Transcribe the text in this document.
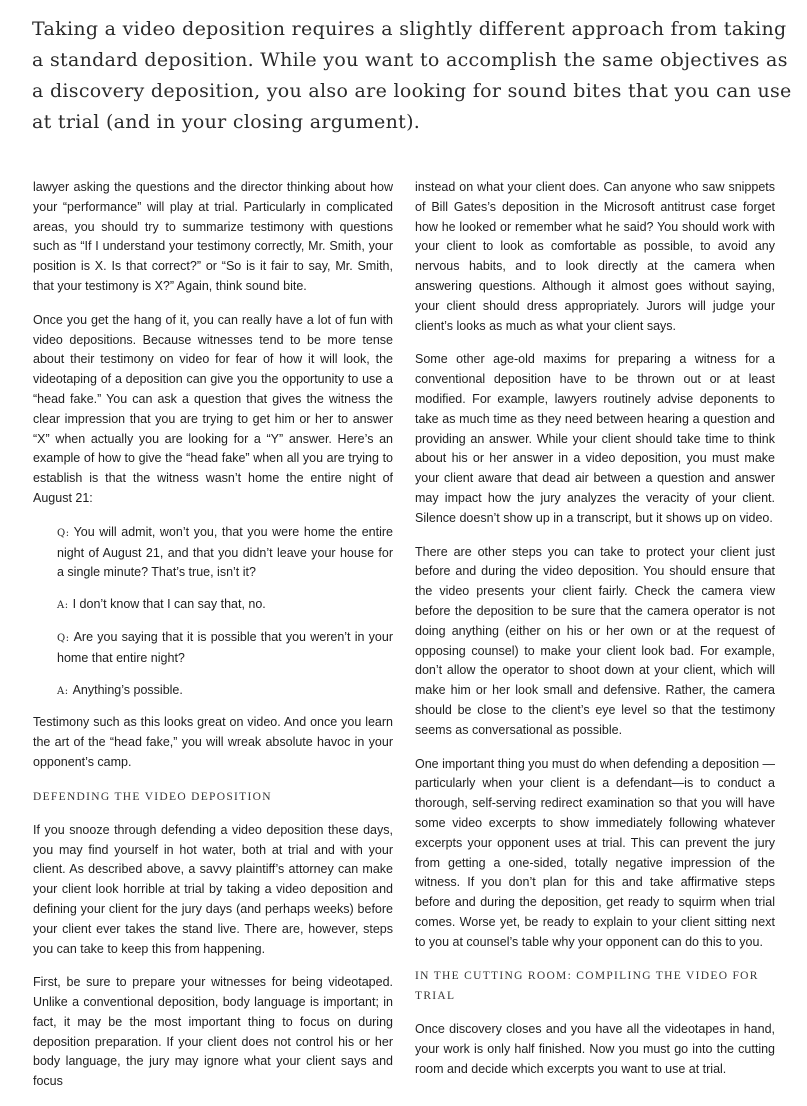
Taking a video deposition requires a slightly different approach from taking a standard deposition. While you want to accomplish the same objectives as a discovery deposition, you also are looking for sound bites that you can use at trial (and in your closing argument).

lawyer asking the questions and the director thinking about how your “performance” will play at trial. Particularly in complicated areas, you should try to summarize testimony with questions such as “If I understand your testimony correctly, Mr. Smith, your position is X. Is that correct?” or “So is it fair to say, Mr. Smith, that your testimony is X?” Again, think sound bite.

Once you get the hang of it, you can really have a lot of fun with video depositions. Because witnesses tend to be more tense about their testimony on video for fear of how it will look, the videotaping of a deposition can give you the opportunity to use a “head fake.” You can ask a question that gives the witness the clear impression that you are trying to get him or her to answer “X” when actually you are looking for a “Y” answer. Here’s an example of how to give the “head fake” when all you are trying to establish is that the witness wasn’t home the entire night of August 21:

Q: You will admit, won’t you, that you were home the entire night of August 21, and that you didn’t leave your house for a single minute? That’s true, isn’t it?

A: I don’t know that I can say that, no.

Q: Are you saying that it is possible that you weren’t in your home that entire night?

A: Anything’s possible.

Testimony such as this looks great on video. And once you learn the art of the “head fake,” you will wreak absolute havoc in your opponent’s camp.

DEFENDING THE VIDEO DEPOSITION

If you snooze through defending a video deposition these days, you may find yourself in hot water, both at trial and with your client. As described above, a savvy plaintiff’s attorney can make your client look horrible at trial by taking a video deposition and defining your client for the jury days (and perhaps weeks) before your client ever takes the stand live. There are, however, steps you can take to keep this from happening.

First, be sure to prepare your witnesses for being videotaped. Unlike a conventional deposition, body language is important; in fact, it may be the most important thing to focus on during deposition preparation. If your client does not control his or her body language, the jury may ignore what your client says and focus

instead on what your client does. Can anyone who saw snippets of Bill Gates’s deposition in the Microsoft antitrust case forget how he looked or remember what he said? You should work with your client to look as comfortable as possible, to avoid any nervous habits, and to look directly at the camera when answering questions. Although it almost goes without saying, your client should dress appropriately. Jurors will judge your client’s looks as much as what your client says.

Some other age-old maxims for preparing a witness for a conventional deposition have to be thrown out or at least modified. For example, lawyers routinely advise deponents to take as much time as they need between hearing a question and providing an answer. While your client should take time to think about his or her answer in a video deposition, you must make your client aware that dead air between a question and answer may impact how the jury analyzes the veracity of your client. Silence doesn’t show up in a transcript, but it shows up on video.

There are other steps you can take to protect your client just before and during the video deposition. You should ensure that the video presents your client fairly. Check the camera view before the deposition to be sure that the camera operator is not doing anything (either on his or her own or at the request of opposing counsel) to make your client look bad. For example, don’t allow the operator to shoot down at your client, which will make him or her look small and defensive. Rather, the camera should be close to the client’s eye level so that the testimony seems as conversational as possible.

One important thing you must do when defending a deposition —particularly when your client is a defendant—is to conduct a thorough, self-serving redirect examination so that you will have some video excerpts to show immediately following whatever excerpts your opponent uses at trial. This can prevent the jury from getting a one-sided, totally negative impression of the witness. If you don’t plan for this and take affirmative steps before and during the deposition, get ready to squirm when trial comes. Worse yet, be ready to explain to your client sitting next to you at counsel’s table why your opponent can do this to you.

IN THE CUTTING ROOM: COMPILING THE VIDEO FOR TRIAL

Once discovery closes and you have all the videotapes in hand, your work is only half finished. Now you must go into the cutting room and decide which excerpts you want to use at trial.
